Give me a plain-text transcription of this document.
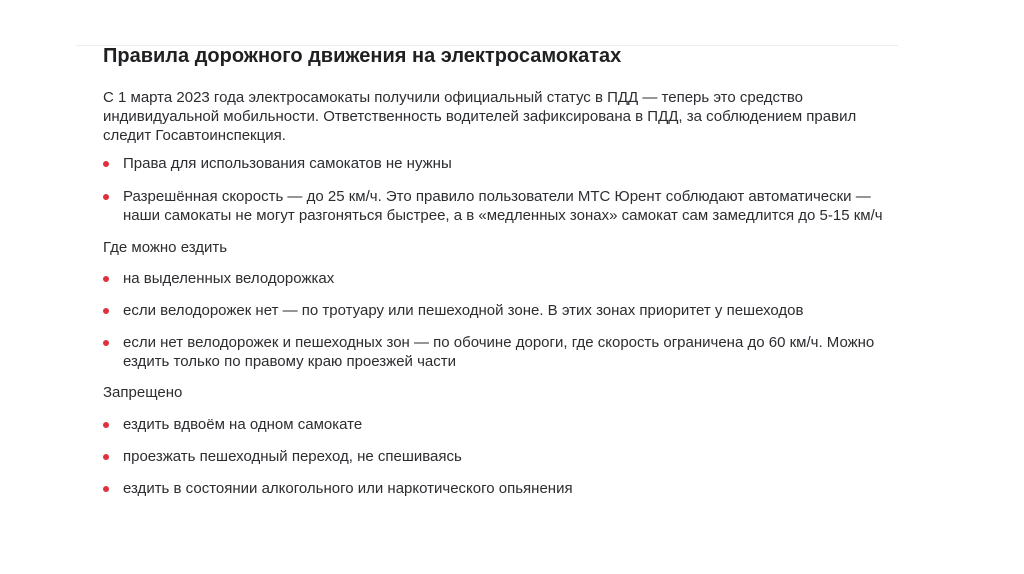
Правила дорожного движения на электросамокатах

С 1 марта 2023 года электросамокаты получили официальный статус в ПДД — теперь это средство индивидуальной мобильности. Ответственность водителей зафиксирована в ПДД, за соблюдением правил следит Госавтоинспекция.

Права для использования самокатов не нужны
Разрешённая скорость — до 25 км/ч. Это правило пользователи МТС Юрент соблюдают автоматически — наши самокаты не могут разгоняться быстрее, а в «медленных зонах» самокат сам замедлится до 5-15 км/ч

Где можно ездить

на выделенных велодорожках
если велодорожек нет — по тротуару или пешеходной зоне. В этих зонах приоритет у пешеходов
если нет велодорожек и пешеходных зон — по обочине дороги, где скорость ограничена до 60 км/ч. Можно ездить только по правому краю проезжей части

Запрещено

ездить вдвоём на одном самокате
проезжать пешеходный переход, не спешиваясь
ездить в состоянии алкогольного или наркотического опьянения
